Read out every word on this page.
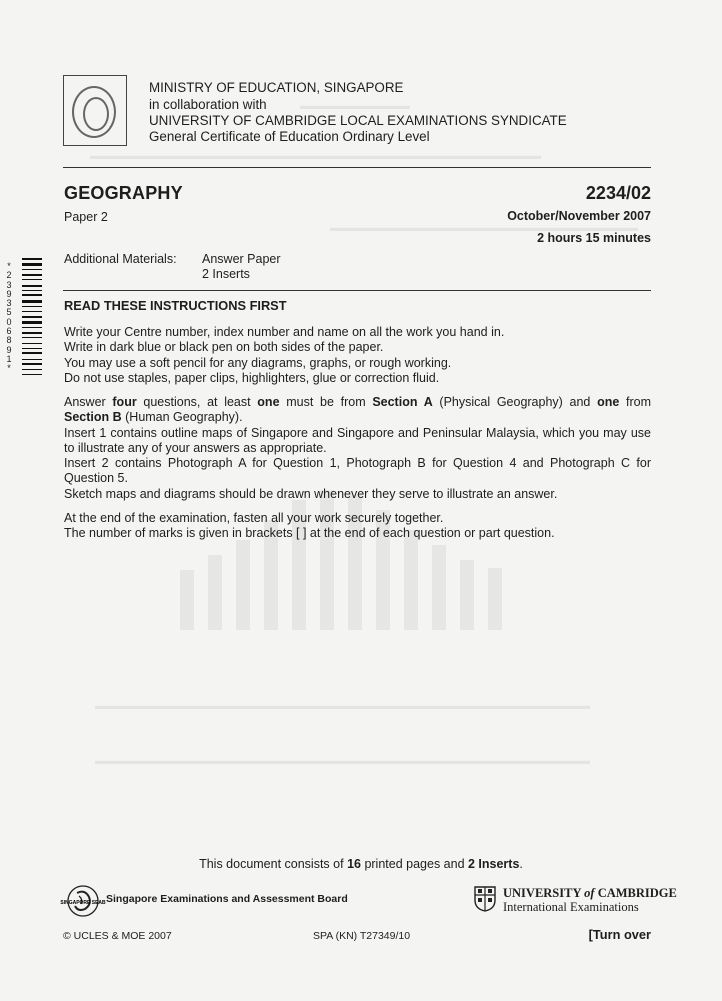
▬▬▬▬▬▬▬▬▬▬
▬▬▬▬▬▬▬▬▬▬▬▬▬▬▬▬▬▬▬▬▬▬▬▬▬▬▬▬▬▬▬▬▬▬▬▬▬▬▬▬▬
▬▬▬▬▬▬▬▬▬▬▬▬▬▬▬▬▬▬▬▬▬▬▬▬▬▬▬▬
▬▬▬▬▬▬▬▬▬▬▬▬▬▬▬▬▬▬▬▬▬▬▬▬▬▬▬▬▬▬▬▬▬▬▬▬▬▬▬▬▬▬▬▬▬
▬▬▬▬▬▬▬▬▬▬▬▬▬▬▬▬▬▬▬▬▬▬▬▬▬▬▬▬▬▬▬▬▬▬▬▬▬▬▬▬▬▬▬▬▬
MINISTRY OF EDUCATION, SINGAPORE
in collaboration with
UNIVERSITY OF CAMBRIDGE LOCAL EXAMINATIONS SYNDICATE
General Certificate of Education Ordinary Level
GEOGRAPHY	2234/02
Paper 2	October/November 2007
2 hours 15 minutes
Additional Materials: Answer Paper
2 Inserts
*
2
3
9
3
5
0
6
8
9
1
*
READ THESE INSTRUCTIONS FIRST

Write your Centre number, index number and name on all the work you hand in.

Write in dark blue or black pen on both sides of the paper.

You may use a soft pencil for any diagrams, graphs, or rough working.

Do not use staples, paper clips, highlighters, glue or correction fluid.

Answer four questions, at least one must be from Section A (Physical Geography) and one from Section B (Human Geography).

Insert 1 contains outline maps of Singapore and Singapore and Peninsular Malaysia, which you may use to illustrate any of your answers as appropriate.

Insert 2 contains Photograph A for Question 1, Photograph B for Question 4 and Photograph C for Question 5.

Sketch maps and diagrams should be drawn whenever they serve to illustrate an answer.

At the end of the examination, fasten all your work securely together.

The number of marks is given in brackets [ ] at the end of each question or part question.

This document consists of 16 printed pages and 2 Inserts.
SINGAPORE SEAB Singapore Examinations and Assessment Board	UNIVERSITY of CAMBRIDGE
International Examinations
© UCLES & MOE 2007	SPA (KN) T27349/10	[Turn over
